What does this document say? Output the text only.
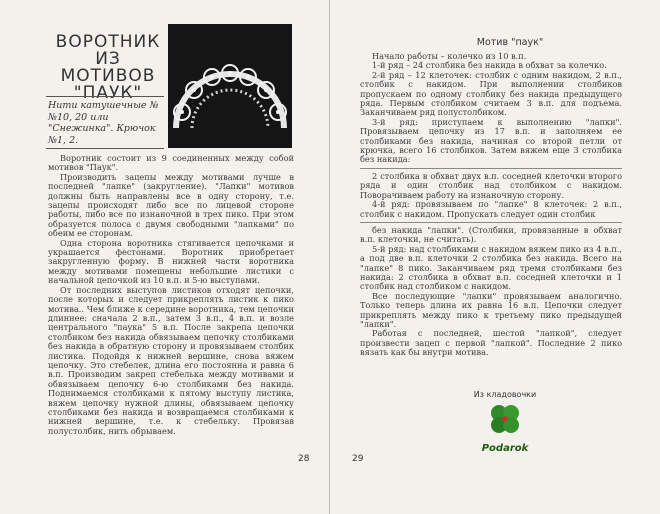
ВОРОТНИК ИЗ МОТИВОВ "ПАУК"
Нити катушечные №№10, 20 или "Снежинка". Крючок №1, 2.

Воротник состоит из 9 соединенных между собой мотивов "Паук".

Производить зацепы между мотивами лучше в последней "лапке" (закругление). "Лапки" мотивов должны быть направлены все в одну сторону, т.е. зацепы происходят либо все по лицевой стороне работы, либо все по изнаночной в трех пико. При этом образуется полоса с двумя свободными "лапками" по обеим ее сторонам.

Одна сторона воротника стягивается цепочками и украшается фестонами. Воротник приобретает закругленную форму. В нижней части воротника между мотивами помещены небольшие листики с начальной цепочкой из 10 в.п. и 5-ю выступами.

От последних выступов листиков отходят цепочки, после которых и следует прикреплять листик к пико мотива.. Чем ближе к середине воротника, тем цепочки длиннее: сначала 2 в.п., затем 3 в.п., 4 в.п. и возле центрального "паука" 5 в.п. После закрепа цепочки столбиком без накида обвязываем цепочку столбиками без накида в обратную сторону и провязываем столбик листика. Подойдя к нижней вершине, снова вяжем цепочку. Это стебелек, длина его постоянна и равна 6 в.п. Производим закреп стебелька между мотивами и обвязываем цепочку 6-ю столбиками без накида. Поднимаемся столбиками к пятому выступу листика, вяжем цепочку нужной длины, обвязываем цепочку столбиками без накида и возвращаемся столбиками к нижней вершине, т.е. к стебельку. Провязав полустолбик, нить обрываем.

28
Мотив "паук"

Начало работы – колечко из 10 в.п.

1-й ряд – 24 столбика без накида в обхват за колечко.

2-й ряд – 12 клеточек: столбик с одним накидом, 2 в.п., столбик с накидом. При выполнении столбиков пропускаем по одному столбику без накида предыдущего ряда. Первым столбиком считаем 3 в.п. для подъема. Заканчиваем ряд полустолбиком.

3-й ряд: приступаем к выполнению "лапки". Провязываем цепочку из 17 в.п. и заполняем ее столбиками без накида, начиная со второй петли от крючка, всего 16 столбиков. Затем вяжем еще 3 столбика без накида:

2 столбика в обхват двух в.п. соседней клеточки второго ряда и один столбик над столбиком с накидом. Поворачиваем работу на изнаночную сторону.

4-й ряд: провязываем по "лапке" 8 клеточек: 2 в.п., столбик с накидом. Пропускать следует один столбик

без накида "лапки". (Столбики, провязанные в обхват в.п. клеточки, не считать).

5-й ряд: над столбиками с накидом вяжем пико из 4 в.п., а под две в.п. клеточки 2 столбика без накида. Всего на "лапке" 8 пико. Заканчиваем ряд тремя столбиками без накида: 2 столбика в обхват в.п. соседней клеточки и 1 столбик над столбиком с накидом.

Все последующие "лапки" провязываем аналогично. Только теперь длина их равна 16 в.п. Цепочки следует прикреплять между пико к третьему пико предыдущей "лапки".

Работая с последней, шестой "лапкой", следует произвести зацеп с первой "лапкой". Последние 2 пико вязать как бы внутри мотива.

Из кладовочки
Podarok
29
